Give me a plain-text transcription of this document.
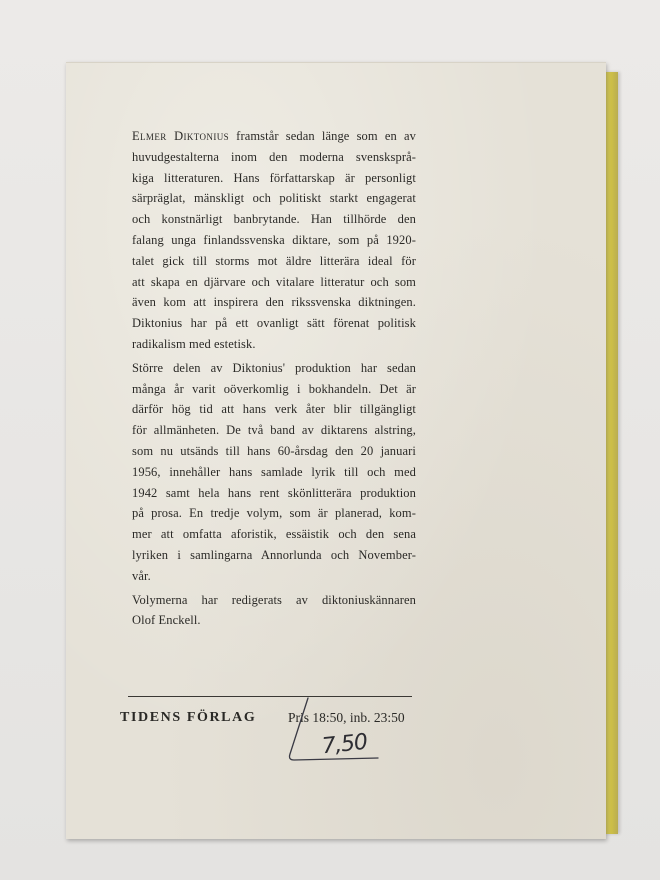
Elmer Diktonius framstår sedan länge som en av
huvudgestalterna inom den moderna svensksprå-
kiga litteraturen. Hans författarskap är personligt
särpräglat, mänskligt och politiskt starkt engagerat
och konstnärligt banbrytande. Han tillhörde den
falang unga finlandssvenska diktare, som på 1920-
talet gick till storms mot äldre litterära ideal för
att skapa en djärvare och vitalare litteratur och som
även kom att inspirera den rikssvenska diktningen.
Diktonius har på ett ovanligt sätt förenat politisk
radikalism med estetisk.

Större delen av Diktonius' produktion har sedan
många år varit oöverkomlig i bokhandeln. Det är
därför hög tid att hans verk åter blir tillgängligt
för allmänheten. De två band av diktarens alstring,
som nu utsänds till hans 60-årsdag den 20 januari
1956, innehåller hans samlade lyrik till och med
1942 samt hela hans rent skönlitterära produktion
på prosa. En tredje volym, som är planerad, kom-
mer att omfatta aforistik, essäistik och den sena
lyriken i samlingarna Annorlunda och November-
vår.

Volymerna har redigerats av diktoniuskännaren
Olof Enckell.

TIDENS FÖRLAG Pris 18:50, inb. 23:50
7,50
